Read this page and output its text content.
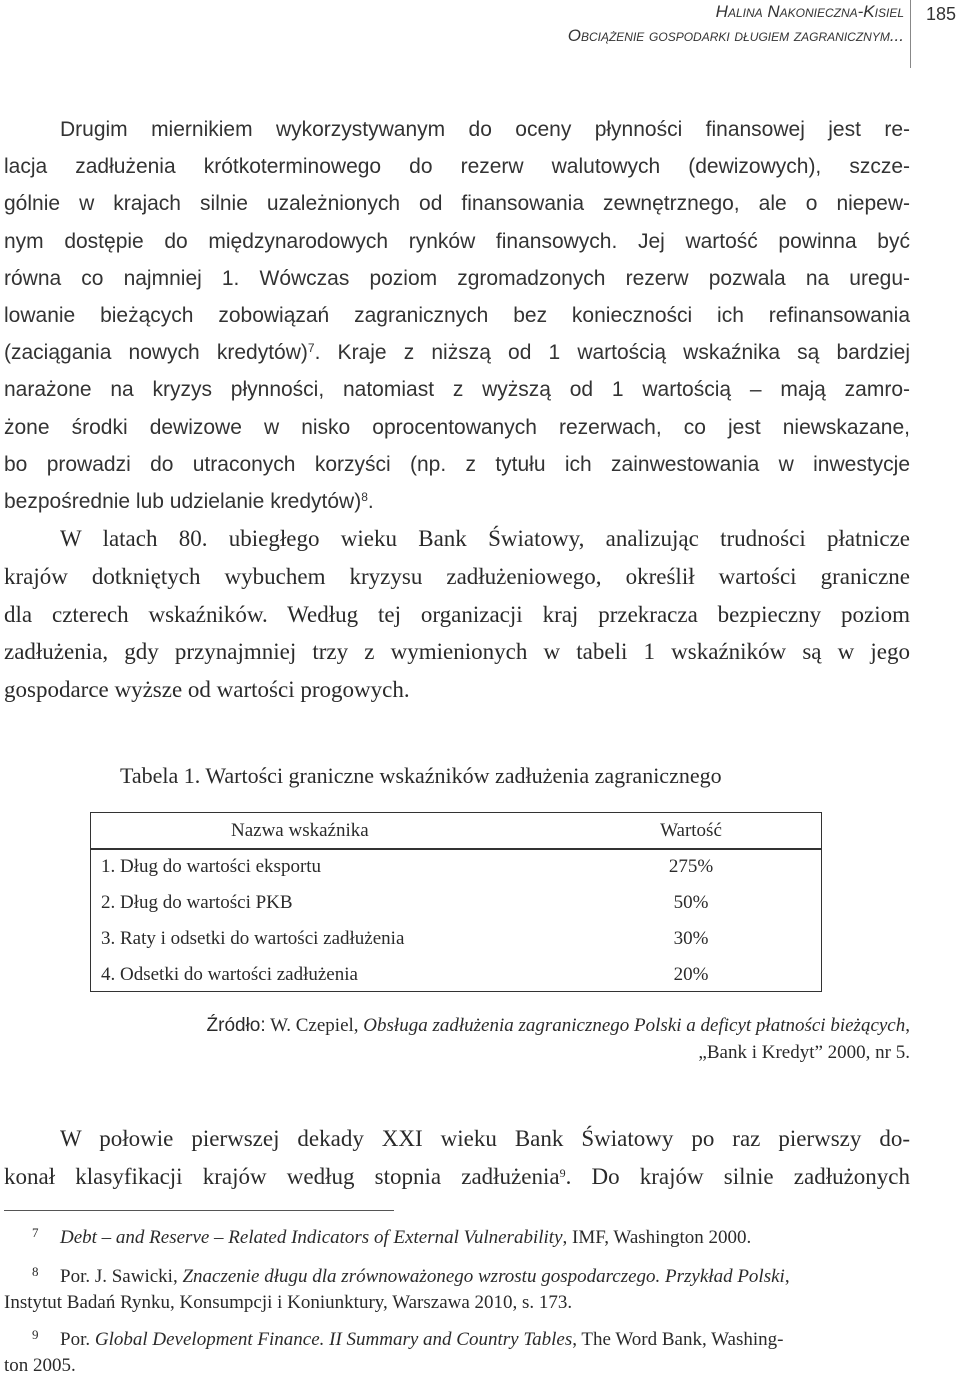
Halina Nakonieczna-Kisiel
Obciążenie gospodarki długiem zagranicznym...
185
Drugim miernikiem wykorzystywanym do oceny płynności finansowej jest re-
lacja zadłużenia krótkoterminowego do rezerw walutowych (dewizowych), szcze-
gólnie w krajach silnie uzależnionych od finansowania zewnętrznego, ale o niepew-
nym dostępie do międzynarodowych rynków finansowych. Jej wartość powinna być
równa co najmniej 1. Wówczas poziom zgromadzonych rezerw pozwala na uregu-
lowanie bieżących zobowiązań zagranicznych bez konieczności ich refinansowania
(zaciągania nowych kredytów)$^7$. Kraje z niższą od 1 wartością wskaźnika są bardziej
narażone na kryzys płynności, natomiast z wyższą od 1 wartością – mają zamro-
żone środki dewizowe w nisko oprocentowanych rezerwach, co jest niewskazane,
bo prowadzi do utraconych korzyści (np. z tytułu ich zainwestowania w inwestycje
bezpośrednie lub udzielanie kredytów)$^8$.
W latach 80. ubiegłego wieku Bank Światowy, analizując trudności płatnicze
krajów dotkniętych wybuchem kryzysu zadłużeniowego, określił wartości graniczne
dla czterech wskaźników. Według tej organizacji kraj przekracza bezpieczny poziom
zadłużenia, gdy przynajmniej trzy z wymienionych w tabeli 1 wskaźników są w jego
gospodarce wyższe od wartości progowych.
Tabela 1. Wartości graniczne wskaźników zadłużenia zagranicznego
Nazwa wskaźnika	Wartość
1. Dług do wartości eksportu	275%
2. Dług do wartości PKB	50%
3. Raty i odsetki do wartości zadłużenia	30%
4. Odsetki do wartości zadłużenia	20%
Źródło: W. Czepiel, Obsługa zadłużenia zagranicznego Polski a deficyt płatności bieżących,
„Bank i Kredyt” 2000, nr 5.
W połowie pierwszej dekady XXI wieku Bank Światowy po raz pierwszy do-
konał klasyfikacji krajów według stopnia zadłużenia$^9$. Do krajów silnie zadłużonych
7 Debt – and Reserve – Related Indicators of External Vulnerability, IMF, Washington 2000.
8 Por. J. Sawicki, Znaczenie długu dla zrównoważonego wzrostu gospodarczego. Przykład Polski,
Instytut Badań Rynku, Konsumpcji i Koniunktury, Warszawa 2010, s. 173.
9 Por. Global Development Finance. II Summary and Country Tables, The Word Bank, Washing-
ton 2005.
